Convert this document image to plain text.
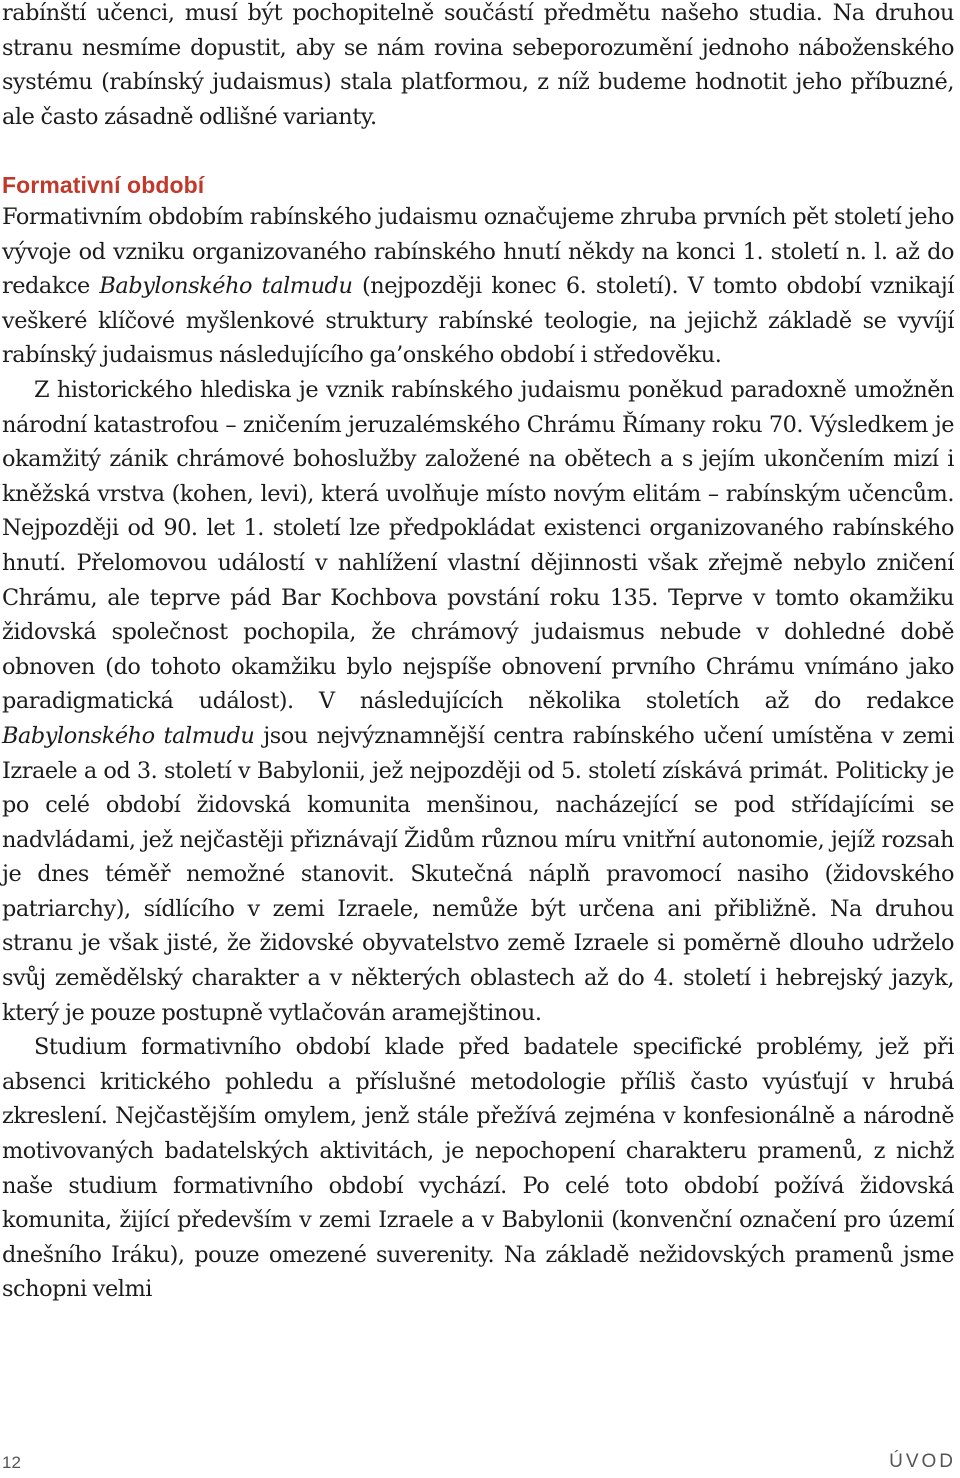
rabínští učenci, musí být pochopitelně součástí předmětu našeho studia. Na druhou stranu nesmíme dopustit, aby se nám rovina sebeporozumění jednoho náboženského systému (rabínský judaismus) stala platformou, z níž budeme hodnotit jeho příbuzné, ale často zásadně odlišné varianty.

Formativní období

Formativním obdobím rabínského judaismu označujeme zhruba prvních pět století jeho vývoje od vzniku organizovaného rabínského hnutí někdy na konci 1. století n. l. až do redakce Babylonského talmudu (nejpozději konec 6. století). V tomto období vznikají veškeré klíčové myšlenkové struktury rabínské teologie, na jejichž základě se vyvíjí rabínský judaismus následujícího ga’onského období i středověku.

Z historického hlediska je vznik rabínského judaismu poněkud paradoxně umožněn národní katastrofou – zničením jeruzalémského Chrámu Římany roku 70. Výsledkem je okamžitý zánik chrámové bohoslužby založené na obětech a s jejím ukončením mizí i kněžská vrstva (kohen, levi), která uvolňuje místo novým elitám – rabínským učencům. Nejpozději od 90. let 1. století lze předpokládat existenci organizovaného rabínského hnutí. Přelomovou událostí v nahlížení vlastní dějinnosti však zřejmě nebylo zničení Chrámu, ale teprve pád Bar Kochbova povstání roku 135. Teprve v tomto okamžiku židovská společnost pochopila, že chrámový judaismus nebude v dohledné době obnoven (do tohoto okamžiku bylo nejspíše obnovení prvního Chrámu vnímáno jako paradigmatická událost). V následujících několika stoletích až do redakce Babylonského talmudu jsou nejvýznamnější centra rabínského učení umístěna v zemi Izraele a od 3. století v Babylonii, jež nejpozději od 5. století získává primát. Politicky je po celé období židovská komunita menšinou, nacházející se pod střídajícími se nadvládami, jež nejčastěji přiznávají Židům různou míru vnitřní autonomie, jejíž rozsah je dnes téměř nemožné stanovit. Skutečná náplň pravomocí nasiho (židovského patriarchy), sídlícího v zemi Izraele, nemůže být určena ani přibližně. Na druhou stranu je však jisté, že židovské obyvatelstvo země Izraele si poměrně dlouho udrželo svůj zemědělský charakter a v některých oblastech až do 4. století i hebrejský jazyk, který je pouze postupně vytlačován aramejštinou.

Studium formativního období klade před badatele specifické problémy, jež při absenci kritického pohledu a příslušné metodologie příliš často vyúsťují v hrubá zkreslení. Nejčastějším omylem, jenž stále přežívá zejména v konfesionálně a národně motivovaných badatelských aktivitách, je nepochopení charakteru pramenů, z nichž naše studium formativního období vychází. Po celé toto období požívá židovská komunita, žijící především v zemi Izraele a v Babylonii (konvenční označení pro území dnešního Iráku), pouze omezené suverenity. Na základě nežidovských pramenů jsme schopni velmi

12	ÚVOD
